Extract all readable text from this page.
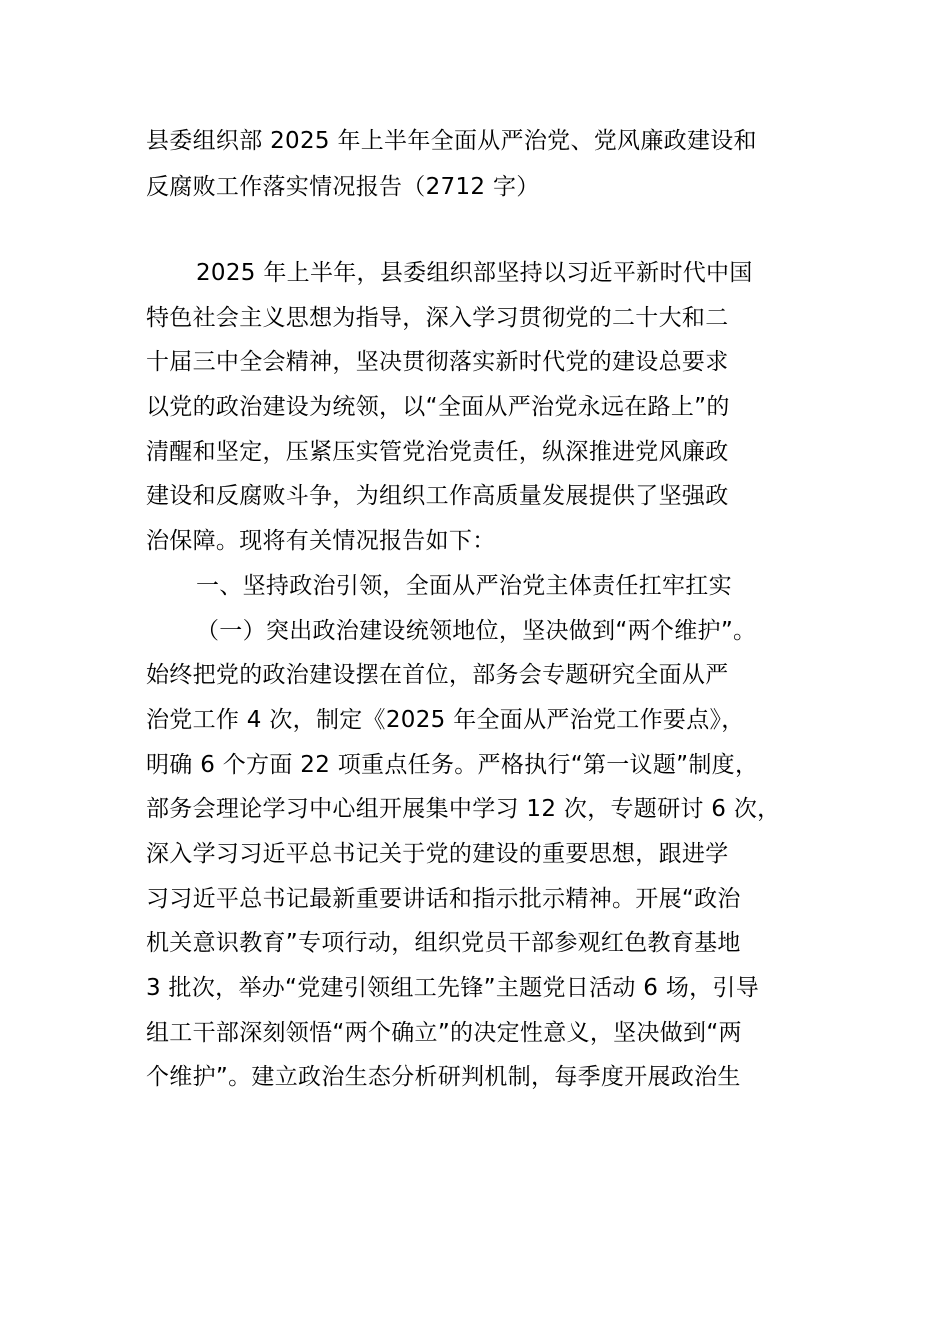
县委组织部 2025 年上半年全面从严治党、党风廉政建设和
反腐败工作落实情况报告（2712 字）
2025 年上半年，县委组织部坚持以习近平新时代中国
特色社会主义思想为指导，深入学习贯彻党的二十大和二
十届三中全会精神，坚决贯彻落实新时代党的建设总要求
以党的政治建设为统领，以“全面从严治党永远在路上”的
清醒和坚定，压紧压实管党治党责任，纵深推进党风廉政
建设和反腐败斗争，为组织工作高质量发展提供了坚强政
治保障。现将有关情况报告如下：
一、坚持政治引领，全面从严治党主体责任扛牢扛实
（一）突出政治建设统领地位，坚决做到“两个维护”。
始终把党的政治建设摆在首位，部务会专题研究全面从严
治党工作 4 次，制定《2025 年全面从严治党工作要点》，
明确 6 个方面 22 项重点任务。严格执行“第一议题”制度，
部务会理论学习中心组开展集中学习 12 次，专题研讨 6 次，
深入学习习近平总书记关于党的建设的重要思想，跟进学
习习近平总书记最新重要讲话和指示批示精神。开展“政治
机关意识教育”专项行动，组织党员干部参观红色教育基地
3 批次，举办“党建引领组工先锋”主题党日活动 6 场，引导
组工干部深刻领悟“两个确立”的决定性意义，坚决做到“两
个维护”。建立政治生态分析研判机制，每季度开展政治生
